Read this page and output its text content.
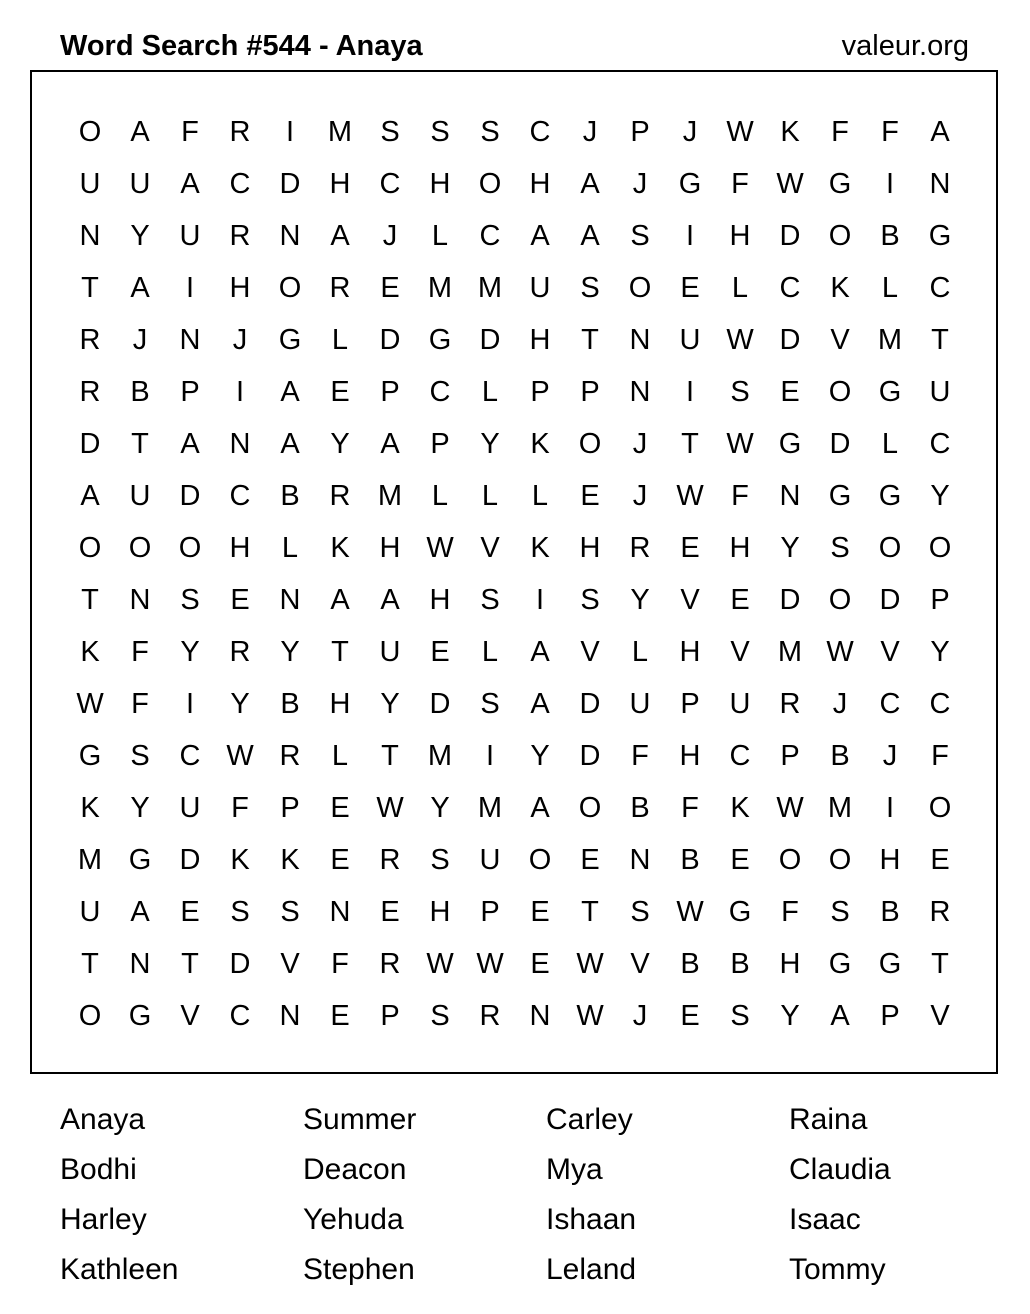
Word Search #544 - Anaya	valeur.org
O	A	F	R	I	M S	S	S	C	J	P	J	W K	F	F	A
U	U	A	C	D	H	C	H O H	A	J	G	F W G	I	N
N	Y	U	R	N	A	J	L	C	A	A	S	I	H	D O	B	G
T	A	I	H O R	E M M U	S	O	E	L	C	K	L	C
R	J	N	J	G	L	D G D	H	T	N	U W D	V M	T
R	B	P	I	A	E	P	C	L	P	P	N	I	S	E	O G U
D	T	A	N	A	Y	A	P	Y	K	O	J	T W G D	L	C
A	U	D	C	B	R M	L	L	L	E	J	W F	N G G	Y
O O O H	L	K	H W V	K	H	R	E	H	Y	S	O O
T	N	S	E	N	A	A	H	S	I	S	Y	V	E	D O D	P
K	F	Y	R	Y	T	U	E	L	A	V	L	H	V M W V	Y
W F	I	Y	B	H	Y	D	S	A	D	U	P	U	R	J	C	C
G	S	C W R	L	T	M	I	Y	D	F	H	C	P	B	J	F
K	Y	U	F	P	E W Y M A	O	B	F	K W M	I	O
M G D	K	K	E	R	S	U O	E	N	B	E	O O H	E
U	A	E	S	S	N	E	H	P	E	T	S W G	F	S	B	R
T	N	T	D	V	F	R W W E W V	B	B	H G G	T
O G	V	C	N	E	P	S	R	N W	J	E	S	Y	A	P	V
Anaya	Summer	Carley	Raina
Bodhi	Deacon	Mya	Claudia
Harley	Yehuda	Ishaan	Isaac
Kathleen	Stephen	Leland	Tommy
